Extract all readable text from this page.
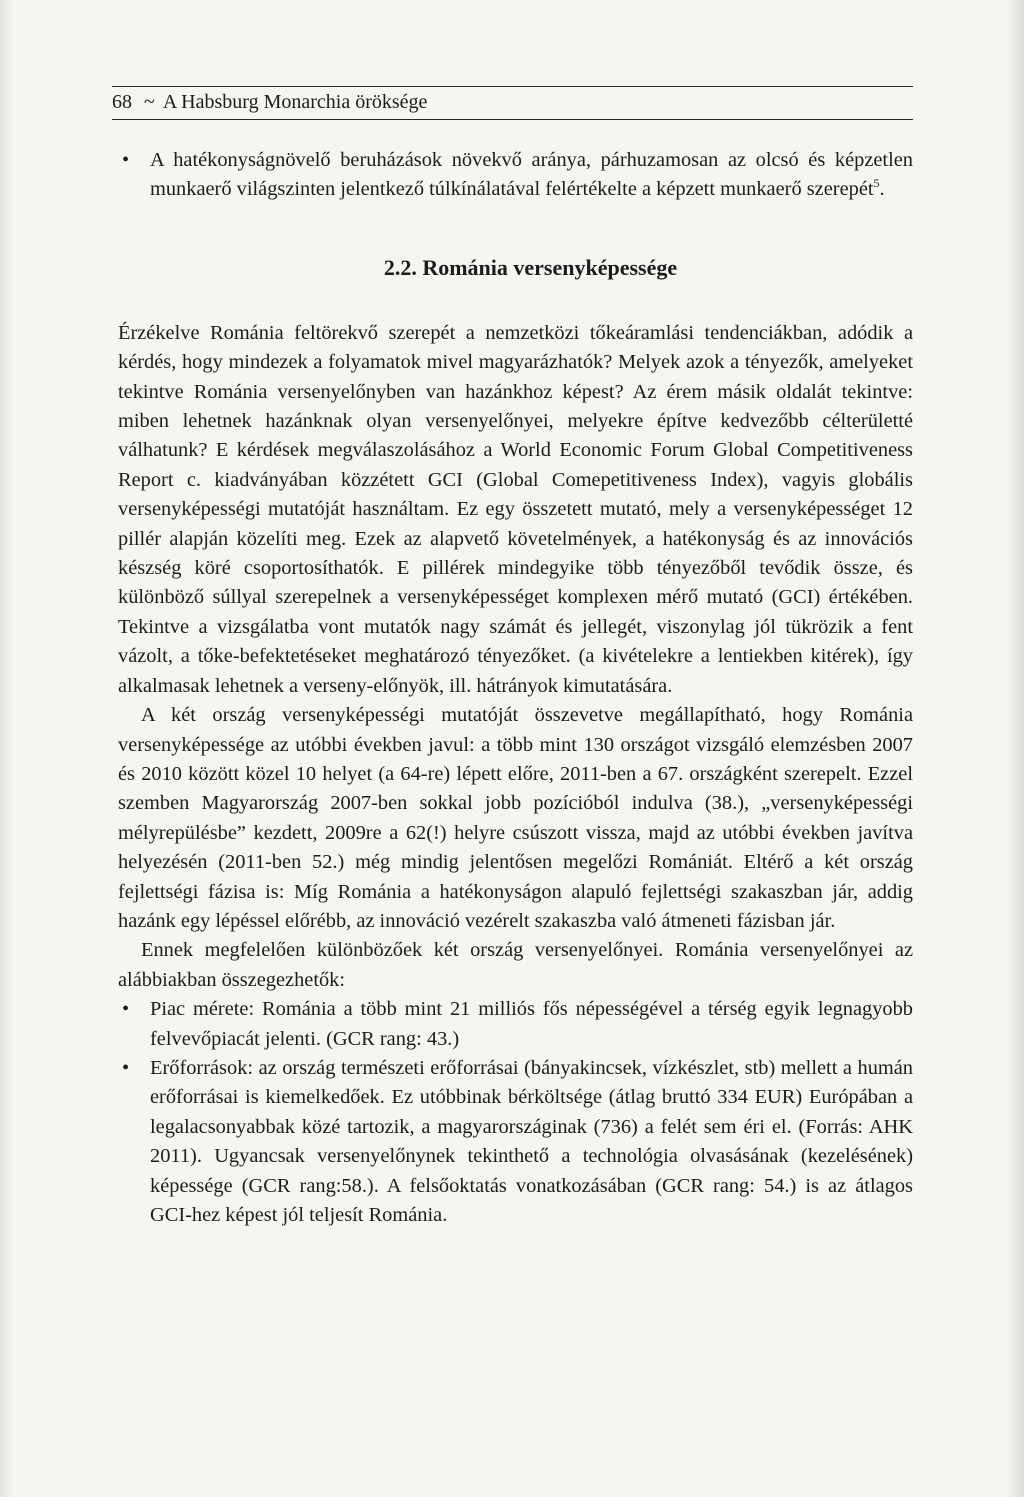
68 ~ A Habsburg Monarchia öröksége
• A hatékonyságnövelő beruházások növekvő aránya, párhuzamosan az olcsó és képzetlen munkaerő világszinten jelentkező túlkínálatával felértékelte a képzett munkaerő szerepét$^5$.
2.2. Románia versenyképessége

Érzékelve Románia feltörekvő szerepét a nemzetközi tőkeáramlási tendenciákban, adódik a kérdés, hogy mindezek a folyamatok mivel magyarázhatók? Melyek azok a tényezők, amelyeket tekintve Románia versenyelőnyben van hazánkhoz képest? Az érem másik oldalát tekintve: miben lehetnek hazánknak olyan versenyelőnyei, melyekre építve kedvezőbb célterületté válhatunk? E kérdések megválaszolásához a World Economic Forum Global Competitiveness Report c. kiadványában közzétett GCI (Global Comepetitiveness Index), vagyis globális versenyképességi mutatóját használtam. Ez egy összetett mutató, mely a versenyképességet 12 pillér alapján közelíti meg. Ezek az alapvető követelmények, a hatékonyság és az innovációs készség köré csoportosíthatók. E pillérek mindegyike több tényezőből tevődik össze, és különböző súllyal szerepelnek a versenyképességet komplexen mérő mutató (GCI) értékében. Tekintve a vizsgálatba vont mutatók nagy számát és jellegét, viszonylag jól tükrözik a fent vázolt, a tőke-befektetéseket meghatározó tényezőket. (a kivételekre a lentiekben kitérek), így alkalmasak lehetnek a verseny-előnyök, ill. hátrányok kimutatására.

A két ország versenyképességi mutatóját összevetve megállapítható, hogy Románia versenyképessége az utóbbi években javul: a több mint 130 országot vizsgáló elemzésben 2007 és 2010 között közel 10 helyet (a 64-re) lépett előre, 2011-ben a 67. országként szerepelt. Ezzel szemben Magyarország 2007-ben sokkal jobb pozícióból indulva (38.), „versenyképességi mélyrepülésbe” kezdett, 2009re a 62(!) helyre csúszott vissza, majd az utóbbi években javítva helyezésén (2011-ben 52.) még mindig jelentősen megelőzi Romániát. Eltérő a két ország fejlettségi fázisa is: Míg Románia a hatékonyságon alapuló fejlettségi szakaszban jár, addig hazánk egy lépéssel előrébb, az innováció vezérelt szakaszba való átmeneti fázisban jár.

Ennek megfelelően különbözőek két ország versenyelőnyei. Románia versenyelőnyei az alábbiakban összegezhetők:

• Piac mérete: Románia a több mint 21 milliós fős népességével a térség egyik legnagyobb felvevőpiacát jelenti. (GCR rang: 43.)
• Erőforrások: az ország természeti erőforrásai (bányakincsek, vízkészlet, stb) mellett a humán erőforrásai is kiemelkedőek. Ez utóbbinak bérköltsége (átlag bruttó 334 EUR) Európában a legalacsonyabbak közé tartozik, a magyarországinak (736) a felét sem éri el. (Forrás: AHK 2011). Ugyancsak versenyelőnynek tekinthető a technológia olvasásának (kezelésének) képessége (GCR rang:58.). A felsőoktatás vonatkozásában (GCR rang: 54.) is az átlagos GCI-hez képest jól teljesít Románia.
